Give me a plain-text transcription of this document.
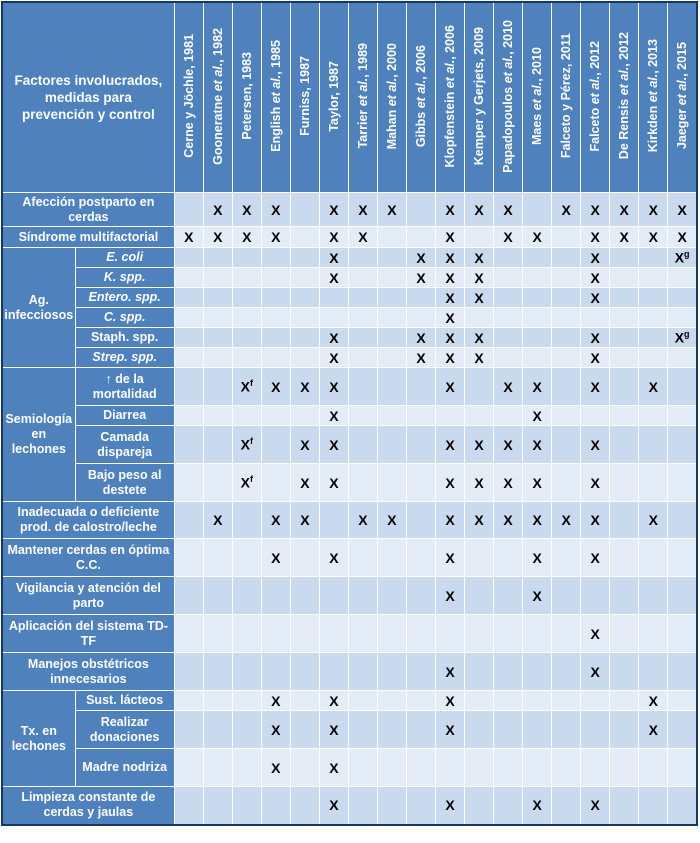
Factores involucrados, medidas para prevención y control		Cerne y Jöchle, 1981	Gooneratne et al., 1982	Petersen, 1983	English et al., 1985	Furniss, 1987	Taylor, 1987	Tarrier et al., 1989	Mahan et al., 2000	Gibbs et al., 2006	Klopfenstein et al., 2006	Kemper y Gerjets, 2009	Papadopoulos et al., 2010	Maes et al., 2010	Falceto y Pérez, 2011	Falceto et al., 2012	De Rensis et al., 2012	Kirkden et al., 2013	Jaeger et al., 2015
Afección postparto en cerdas			X	X	X		X	X	X		X	X	X		X	X	X	X	X
Síndrome multifactorial		X	X	X	X		X	X			X		X	X		X	X	X	X
Ag. infecciosos	E. coli						X			X	X	X				X			$X^g$
	K. spp.						X			X	X	X				X			
	Entero. spp.										X	X				X			
	C. spp.										X								
	Staph. spp.						X			X	X	X				X			$X^g$
	Strep. spp.						X			X	X	X				X			
Semiología en lechones	↑ de la mortalidad			$X^f$	X	X	X				X		X	X		X		X	
	Diarrea						X							X					
	Camada dispareja			$X^f$		X	X				X	X	X	X		X			
	Bajo peso al destete			$X^f$		X	X				X	X	X	X		X			
Inadecuada o deficiente prod. de calostro/leche			X		X	X		X	X		X	X	X	X	X	X		X	
Mantener cerdas en óptima C.C.					X		X				X			X		X			
Vigilancia y atención del parto											X			X					
Aplicación del sistema TD-TF																X			
Manejos obstétricos innecesarios											X					X			
Tx. en lechones	Sust. lácteos				X		X				X							X	
	Realizar donaciones				X		X				X							X	
	Madre nodriza				X		X												
Limpieza constante de cerdas y jaulas							X				X			X		X			
